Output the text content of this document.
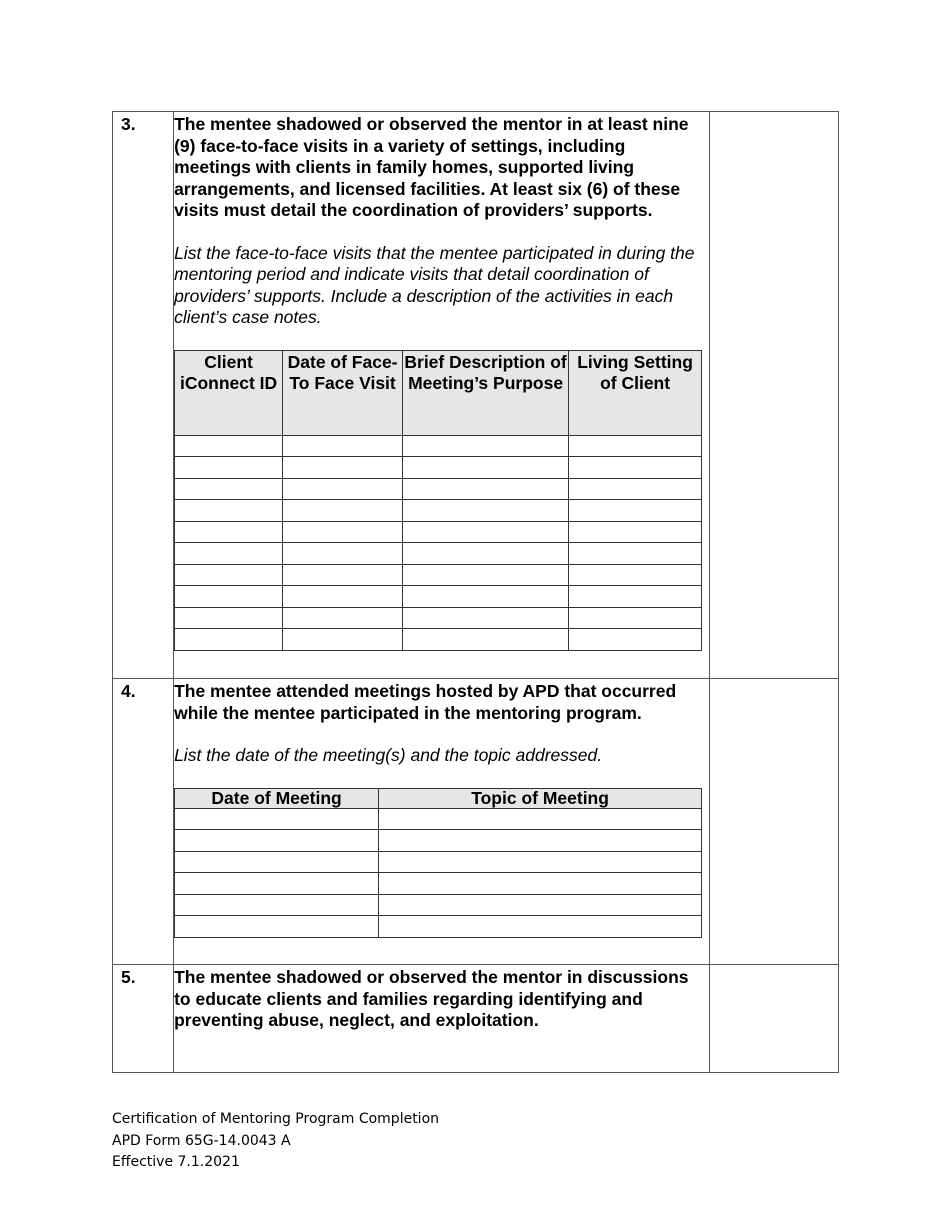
3.	The mentee shadowed or observed the mentor in at least nine (9) face-to-face visits in a variety of settings, including meetings with clients in family homes, supported living arrangements, and licensed facilities. At least six (6) of these visits must detail the coordination of providers’ supports.
List the face-to-face visits that the mentee participated in during the mentoring period and indicate visits that detail coordination of providers’ supports. Include a description of the activities in each client’s case notes.
Client iConnect ID	Date of Face-To Face Visit	Brief Description of Meeting’s Purpose	Living Setting of Client

4.	The mentee attended meetings hosted by APD that occurred while the mentee participated in the mentoring program.
List the date of the meeting(s) and the topic addressed.
Date of Meeting	Topic of Meeting

5.	The mentee shadowed or observed the mentor in discussions to educate clients and families regarding identifying and preventing abuse, neglect, and exploitation.

Certification of Mentoring Program Completion
APD Form 65G-14.0043 A
Effective 7.1.2021
